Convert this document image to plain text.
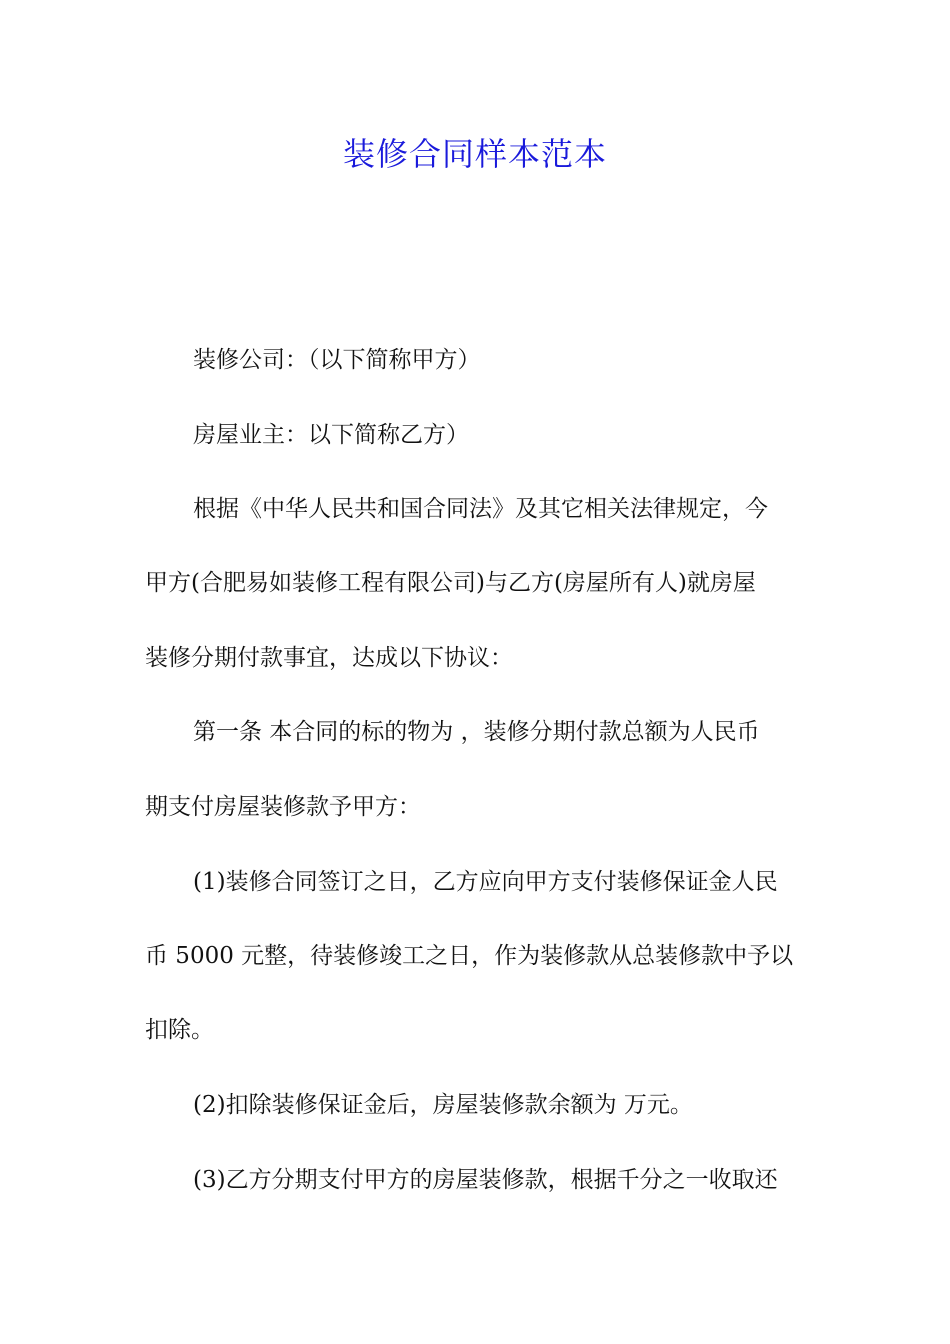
装修合同样本范本

装修公司：（以下简称甲方）

房屋业主：以下简称乙方）

根据《中华人民共和国合同法》及其它相关法律规定，今

甲方(合肥易如装修工程有限公司)与乙方(房屋所有人)就房屋

装修分期付款事宜，达成以下协议：

第一条 本合同的标的物为 ，装修分期付款总额为人民币

期支付房屋装修款予甲方：

(1)装修合同签订之日，乙方应向甲方支付装修保证金人民

币 5000 元整，待装修竣工之日，作为装修款从总装修款中予以

扣除。

(2)扣除装修保证金后，房屋装修款余额为 万元。

(3)乙方分期支付甲方的房屋装修款，根据千分之一收取还
